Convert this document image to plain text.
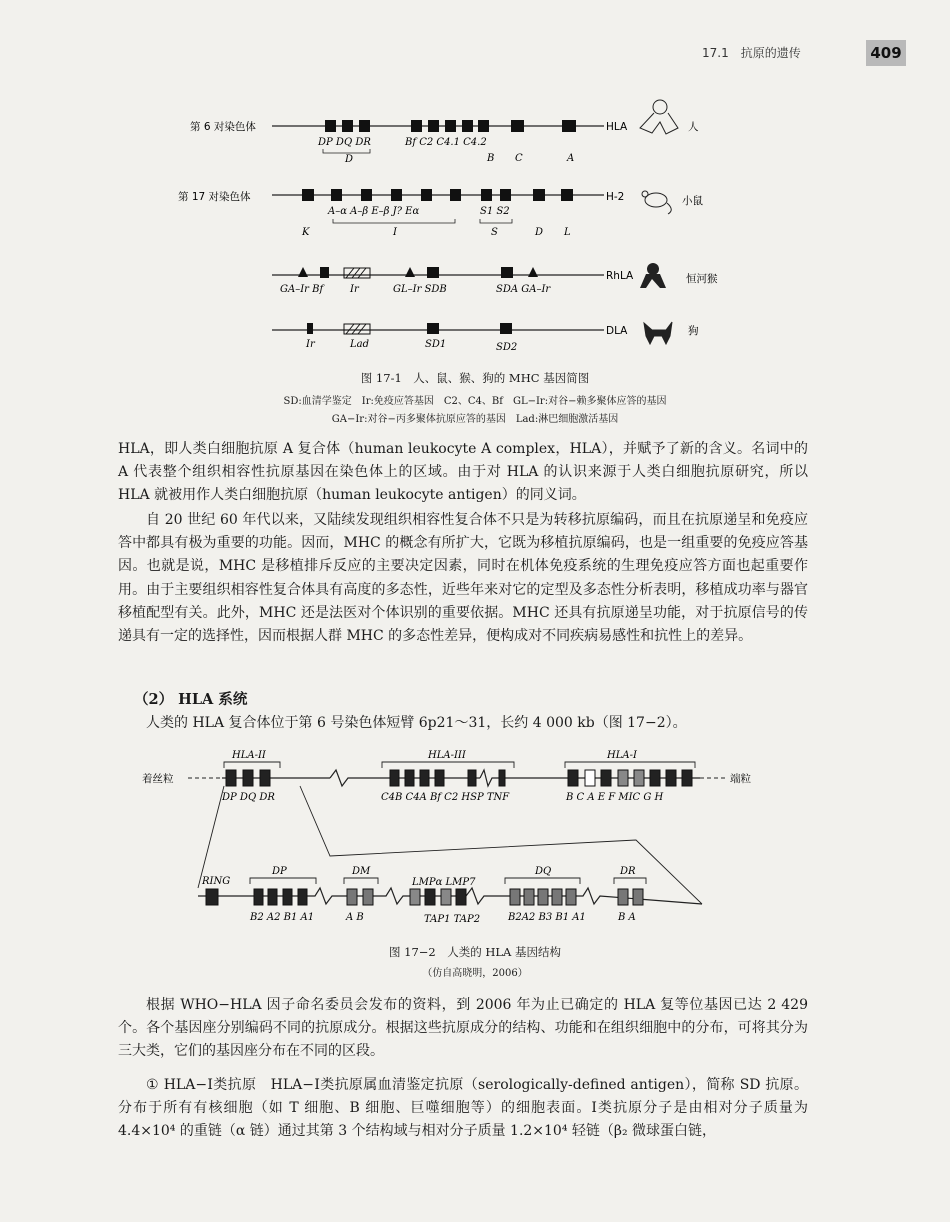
17.1　抗原的遗传	409
第 6 对染色体
DP DQ DR	Bf C2 C4.1 C4.2
D	B C	A
HLA	人
第 17 对染色体
A–α A–β E–β J? Eα	S1 S2
K	I	S	D L
H-2	小鼠
GA–Ir Bf	Ir	GL–Ir SDB	SDA GA–Ir
RhLA	恒河猴
Ir	Lad	SD1	SD2
DLA	狗
图 17-1　 人、鼠、猴、狗的 MHC 基因简图
SD:血清学鉴定　Ir:免疫应答基因　C2、C4、Bf　GL−Ir:对谷−赖多聚体应答的基因
GA−Ir:对谷−丙多聚体抗原应答的基因　Lad:淋巴细胞激活基因
HLA，即人类白细胞抗原 A 复合体（human leukocyte A complex，HLA），并赋予了新的含义。名词中的 A 代表整个组织相容性抗原基因在染色体上的区域。由于对 HLA 的认识来源于人类白细胞抗原研究，所以 HLA 就被用作人类白细胞抗原（human leukocyte antigen）的同义词。
自 20 世纪 60 年代以来，又陆续发现组织相容性复合体不只是为转移抗原编码，而且在抗原递呈和免疫应答中都具有极为重要的功能。因而，MHC 的概念有所扩大，它既为移植抗原编码，也是一组重要的免疫应答基因。也就是说，MHC 是移植排斥反应的主要决定因素，同时在机体免疫系统的生理免疫应答方面也起重要作用。由于主要组织相容性复合体具有高度的多态性，近些年来对它的定型及多态性分析表明，移植成功率与器官移植配型有关。此外，MHC 还是法医对个体识别的重要依据。MHC 还具有抗原递呈功能，对于抗原信号的传递具有一定的选择性，因而根据人群 MHC 的多态性差异，便构成对不同疾病易感性和抗性上的差异。
（2） HLA 系统
人类的 HLA 复合体位于第 6 号染色体短臂 6p21～31，长约 4 000 kb（图 17−2）。
HLA-II	HLA-III	HLA-I
着丝粒	端粒
DP DQ DR	C4B C4A Bf C2 HSP TNF	B C A E F MIC G H
RING
DP	DM
LMPα LMP7
DQ	DR
B2 A2 B1 A1	A B	TAP1 TAP2	B2A2 B3 B1 A1	B A
图 17−2　 人类的 HLA 基因结构
（仿自高晓明，2006）
根据 WHO−HLA 因子命名委员会发布的资料，到 2006 年为止已确定的 HLA 复等位基因已达 2 429 个。各个基因座分别编码不同的抗原成分。根据这些抗原成分的结构、功能和在组织细胞中的分布，可将其分为三大类，它们的基因座分布在不同的区段。
① HLA−Ⅰ类抗原　HLA−Ⅰ类抗原属血清鉴定抗原（serologically-defined antigen），简称 SD 抗原。分布于所有有核细胞（如 T 细胞、B 细胞、巨噬细胞等）的细胞表面。Ⅰ类抗原分子是由相对分子质量为 4.4×10⁴ 的重链（α 链）通过其第 3 个结构域与相对分子质量 1.2×10⁴ 轻链（β₂ 微球蛋白链，
